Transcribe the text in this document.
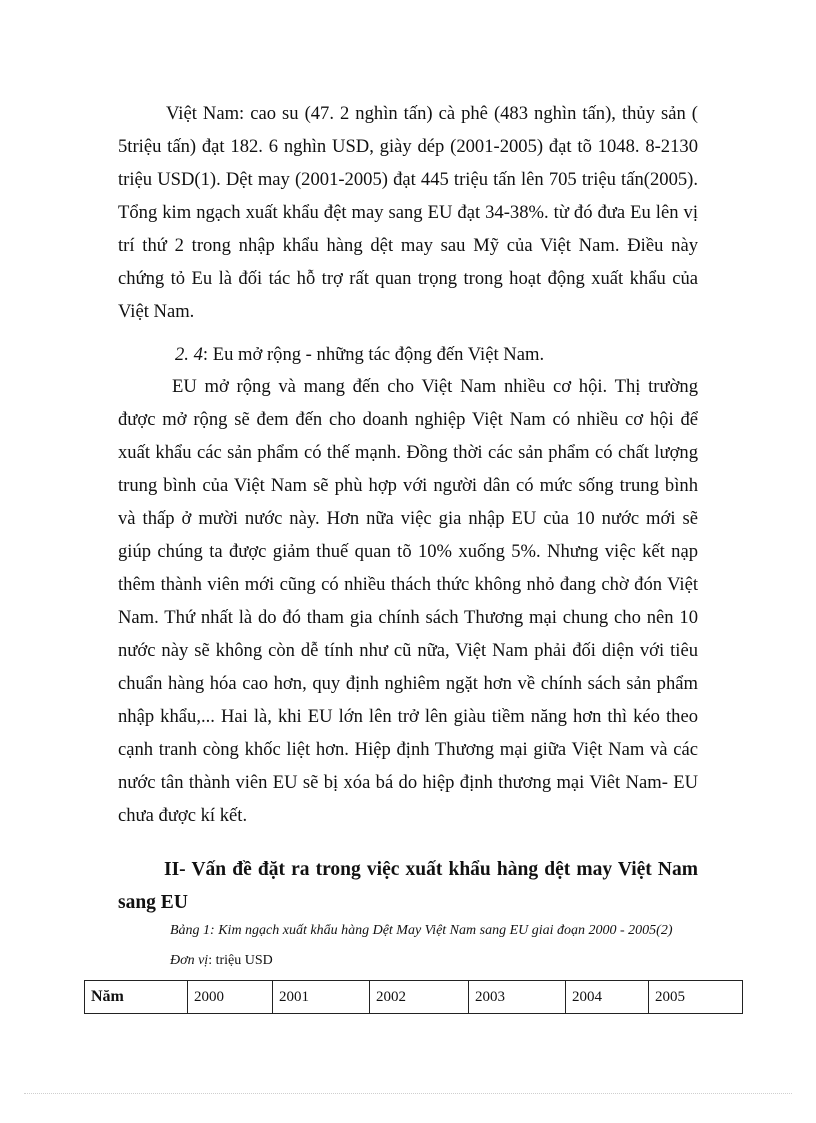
Việt Nam: cao su (47. 2 nghìn tấn) cà phê (483 nghìn tấn), thủy sản ( 5triệu tấn) đạt 182. 6 nghìn USD, giày dép (2001-2005) đạt tõ 1048. 8-2130 triệu USD(1). Dệt may (2001-2005) đạt 445 triệu tấn lên 705 triệu tấn(2005). Tổng kim ngạch xuất khẩu đệt may sang EU đạt 34-38%. từ đó đưa Eu lên vị trí thứ 2 trong nhập khẩu hàng dệt may sau Mỹ của Việt Nam. Điều này chứng tỏ Eu là đối tác hỗ trợ rất quan trọng trong hoạt động xuất khẩu của Việt Nam.

2. 4: Eu mở rộng - những tác động đến Việt Nam.

EU mở rộng và mang đến cho Việt Nam nhiều cơ hội. Thị trường được mở rộng sẽ đem đến cho doanh nghiệp Việt Nam có nhiều cơ hội để xuất khẩu các sản phẩm có thế mạnh. Đồng thời các sản phẩm có chất lượng trung bình của Việt Nam sẽ phù hợp với người dân có mức sống trung bình và thấp ở mười nước này. Hơn nữa việc gia nhập EU của 10 nước mới sẽ giúp chúng ta được giảm thuế quan tõ 10% xuống 5%. Nhưng việc kết nạp thêm thành viên mới cũng có nhiều thách thức không nhỏ đang chờ đón Việt Nam. Thứ nhất là do đó tham gia chính sách Thương mại chung cho nên 10 nước này sẽ không còn dễ tính như cũ nữa, Việt Nam phải đối diện với tiêu chuẩn hàng hóa cao hơn, quy định nghiêm ngặt hơn về chính sách sản phẩm nhập khẩu,... Hai là, khi EU lớn lên trở lên giàu tiềm năng hơn thì kéo theo cạnh tranh còng khốc liệt hơn. Hiệp định Thương mại giữa Việt Nam và các nước tân thành viên EU sẽ bị xóa bá do hiệp định thương mại Viêt Nam- EU chưa được kí kết.

II- Vấn đề đặt ra trong việc xuất khẩu hàng dệt may Việt Nam sang EU

Bảng 1: Kim ngạch xuất khẩu hàng Dệt May Việt Nam sang EU giai đoạn 2000 - 2005(2)

Đơn vị: triệu USD

Năm	2000	2001	2002	2003	2004	2005
